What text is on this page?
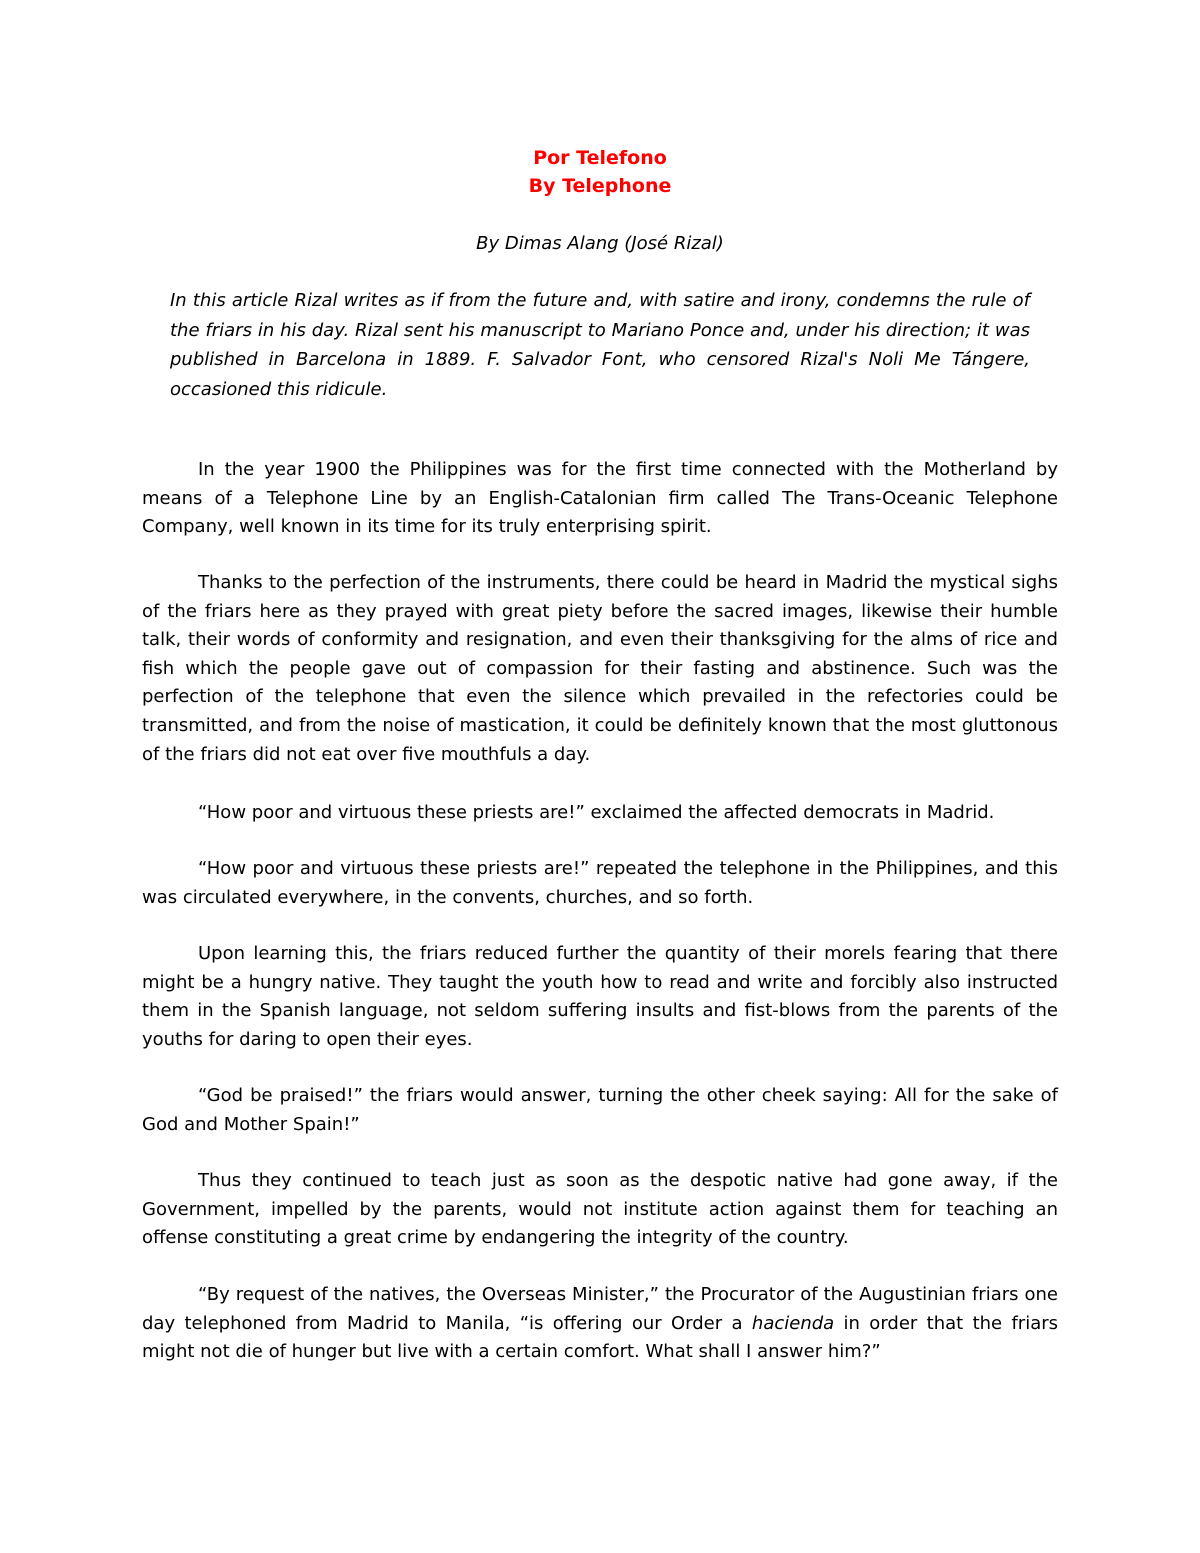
Por Telefono
By Telephone
By Dimas Alang (José Rizal)

In this article Rizal writes as if from the future and, with satire and irony, condemns the rule of the friars in his day. Rizal sent his manuscript to Mariano Ponce and, under his direction; it was published in Barcelona in 1889. F. Salvador Font, who censored Rizal's Noli Me Tángere, occasioned this ridicule.

In the year 1900 the Philippines was for the first time connected with the Motherland by means of a Telephone Line by an English-Catalonian firm called The Trans-Oceanic Telephone Company, well known in its time for its truly enterprising spirit.

Thanks to the perfection of the instruments, there could be heard in Madrid the mystical sighs of the friars here as they prayed with great piety before the sacred images, likewise their humble talk, their words of conformity and resignation, and even their thanksgiving for the alms of rice and fish which the people gave out of compassion for their fasting and abstinence. Such was the perfection of the telephone that even the silence which prevailed in the refectories could be transmitted, and from the noise of mastication, it could be definitely known that the most gluttonous of the friars did not eat over five mouthfuls a day.

“How poor and virtuous these priests are!” exclaimed the affected democrats in Madrid.

“How poor and virtuous these priests are!” repeated the telephone in the Philippines, and this was circulated everywhere, in the convents, churches, and so forth.

Upon learning this, the friars reduced further the quantity of their morels fearing that there might be a hungry native. They taught the youth how to read and write and forcibly also instructed them in the Spanish language, not seldom suffering insults and fist-blows from the parents of the youths for daring to open their eyes.

“God be praised!” the friars would answer, turning the other cheek saying: All for the sake of God and Mother Spain!”

Thus they continued to teach just as soon as the despotic native had gone away, if the Government, impelled by the parents, would not institute action against them for teaching an offense constituting a great crime by endangering the integrity of the country.

“By request of the natives, the Overseas Minister,” the Procurator of the Augustinian friars one day telephoned from Madrid to Manila, “is offering our Order a hacienda in order that the friars might not die of hunger but live with a certain comfort. What shall I answer him?”
